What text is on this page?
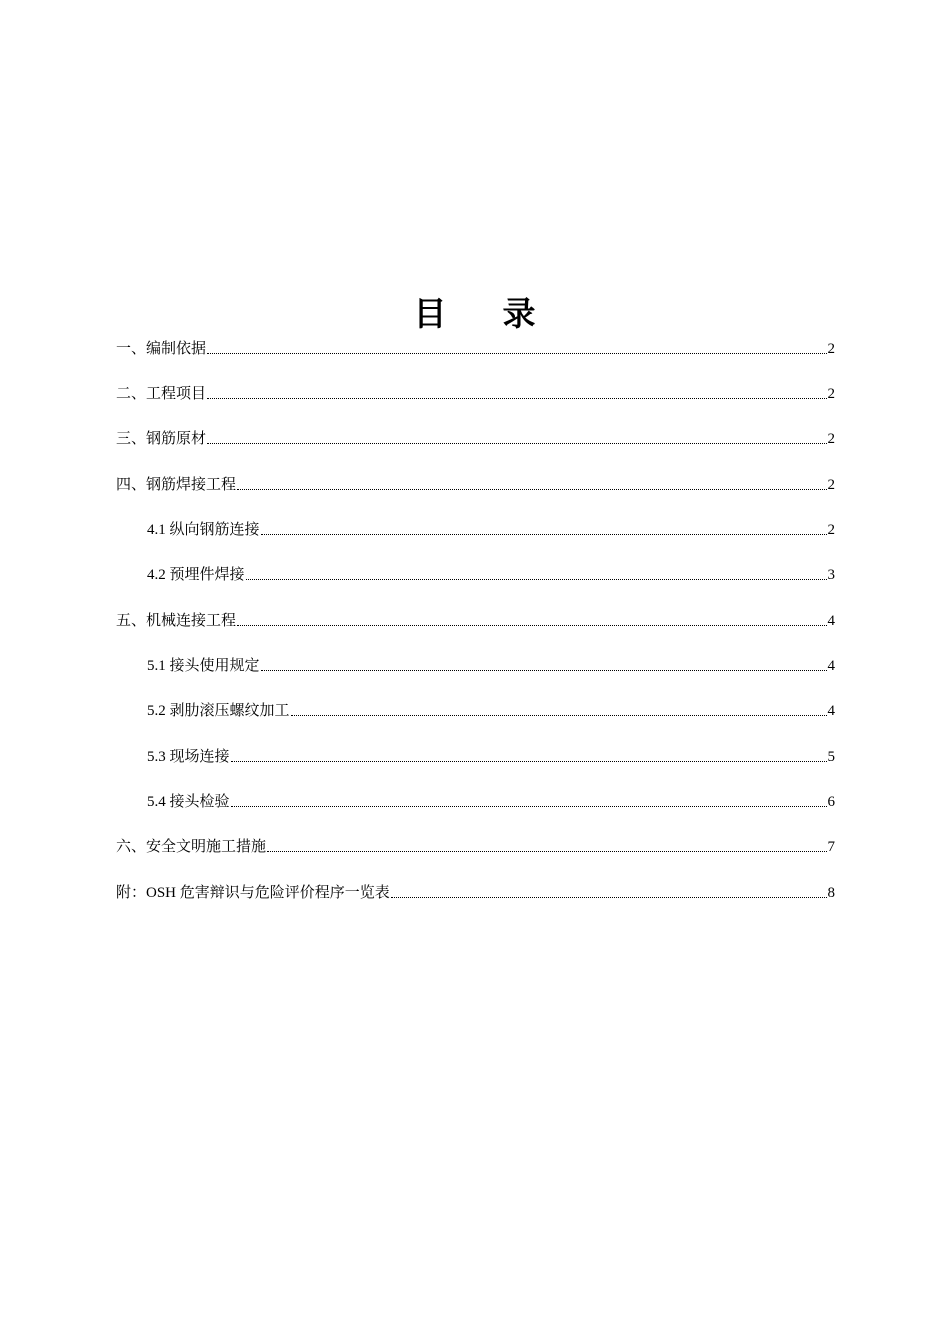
目 录
一、编制依据	2
二、工程项目	2
三、钢筋原材	2
四、钢筋焊接工程	2
4.1 纵向钢筋连接	2
4.2 预埋件焊接	3
五、机械连接工程	4
5.1 接头使用规定	4
5.2 剥肋滚压螺纹加工	4
5.3 现场连接	5
5.4 接头检验	6
六、安全文明施工措施	7
附：OSH 危害辩识与危险评价程序一览表	8
